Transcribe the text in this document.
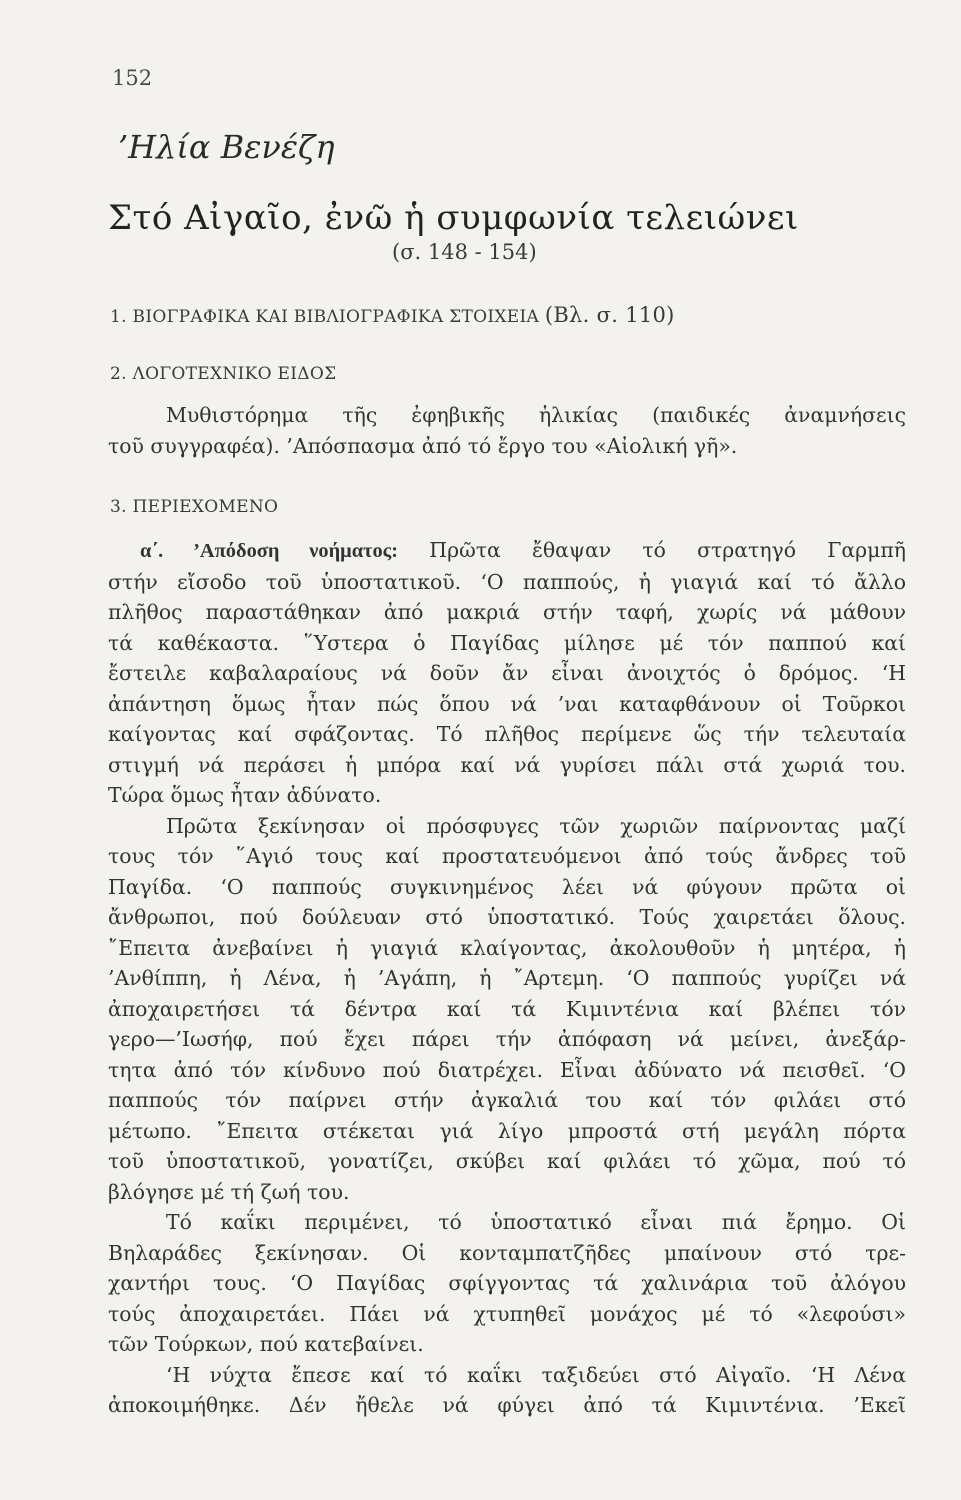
152
’Ηλία Βενέζη
Στό Αἰγαῖο, ἐνῶ ἡ συμφωνία τελειώνει
(σ. 148 - 154)
1. ΒΙΟΓΡΑΦΙΚΑ ΚΑΙ ΒΙΒΛΙΟΓΡΑΦΙΚΑ ΣΤΟΙΧΕΙΑ (Βλ. σ. 110)
2. ΛΟΓΟΤΕΧΝΙΚΟ ΕΙΔΟΣ
Μυθιστόρημα τῆς ἐφηβικῆς ἡλικίας (παιδικές ἀναμνήσεις
τοῦ συγγραφέα). ’Απόσπασμα ἀπό τό ἔργο του «Αἰολική γῆ».
3. ΠΕΡΙΕΧΟΜΕΝΟ
α΄. ’Απόδοση νοήματος: Πρῶτα ἔθαψαν τό στρατηγό Γαρμπῆ
στήν εἴσοδο τοῦ ὑποστατικοῦ. ‘Ο παππούς, ἡ γιαγιά καί τό ἄλλο
πλῆθος παραστάθηκαν ἀπό μακριά στήν ταφή, χωρίς νά μάθουν
τά καθέκαστα. ῞Υστερα ὁ Παγίδας μίλησε μέ τόν παππού καί
ἔστειλε καβαλαραίους νά δοῦν ἄν εἶναι ἀνοιχτός ὁ δρόμος. ‘Η
ἀπάντηση ὅμως ἦταν πώς ὅπου νά ’ναι καταφθάνουν οἱ Τοῦρκοι
καίγοντας καί σφάζοντας. Τό πλῆθος περίμενε ὥς τήν τελευταία
στιγμή νά περάσει ἡ μπόρα καί νά γυρίσει πάλι στά χωριά του.
Τώρα ὅμως ἦταν ἀδύνατο.
Πρῶτα ξεκίνησαν οἱ πρόσφυγες τῶν χωριῶν παίρνοντας μαζί
τους τόν ῞Αγιό τους καί προστατευόμενοι ἀπό τούς ἄνδρες τοῦ
Παγίδα. ‘Ο παππούς συγκινημένος λέει νά φύγουν πρῶτα οἱ
ἄνθρωποι, πού δούλευαν στό ὑποστατικό. Τούς χαιρετάει ὅλους.
῎Επειτα ἀνεβαίνει ἡ γιαγιά κλαίγοντας, ἀκολουθοῦν ἡ μητέρα, ἡ
’Ανθίππη, ἡ Λένα, ἡ ’Αγάπη, ἡ ῎Αρτεμη. ‘Ο παππούς γυρίζει νά
ἀποχαιρετήσει τά δέντρα καί τά Κιμιντένια καί βλέπει τόν
γερο—’Ιωσήφ, πού ἔχει πάρει τήν ἀπόφαση νά μείνει, ἀνεξάρ-
τητα ἀπό τόν κίνδυνο πού διατρέχει. Εἶναι ἀδύνατο νά πεισθεῖ. ‘Ο
παππούς τόν παίρνει στήν ἀγκαλιά του καί τόν φιλάει στό
μέτωπο. ῎Επειτα στέκεται γιά λίγο μπροστά στή μεγάλη πόρτα
τοῦ ὑποστατικοῦ, γονατίζει, σκύβει καί φιλάει τό χῶμα, πού τό
βλόγησε μέ τή ζωή του.
Τό καΐκι περιμένει, τό ὑποστατικό εἶναι πιά ἔρημο. Οἱ
Βηλαράδες ξεκίνησαν. Οἱ κονταμπατζῆδες μπαίνουν στό τρε-
χαντήρι τους. ‘Ο Παγίδας σφίγγοντας τά χαλινάρια τοῦ ἀλόγου
τούς ἀποχαιρετάει. Πάει νά χτυπηθεῖ μονάχος μέ τό «λεφούσι»
τῶν Τούρκων, πού κατεβαίνει.
‘Η νύχτα ἔπεσε καί τό καΐκι ταξιδεύει στό Αἰγαῖο. ‘Η Λένα
ἀποκοιμήθηκε. Δέν ἤθελε νά φύγει ἀπό τά Κιμιντένια. ’Εκεῖ
